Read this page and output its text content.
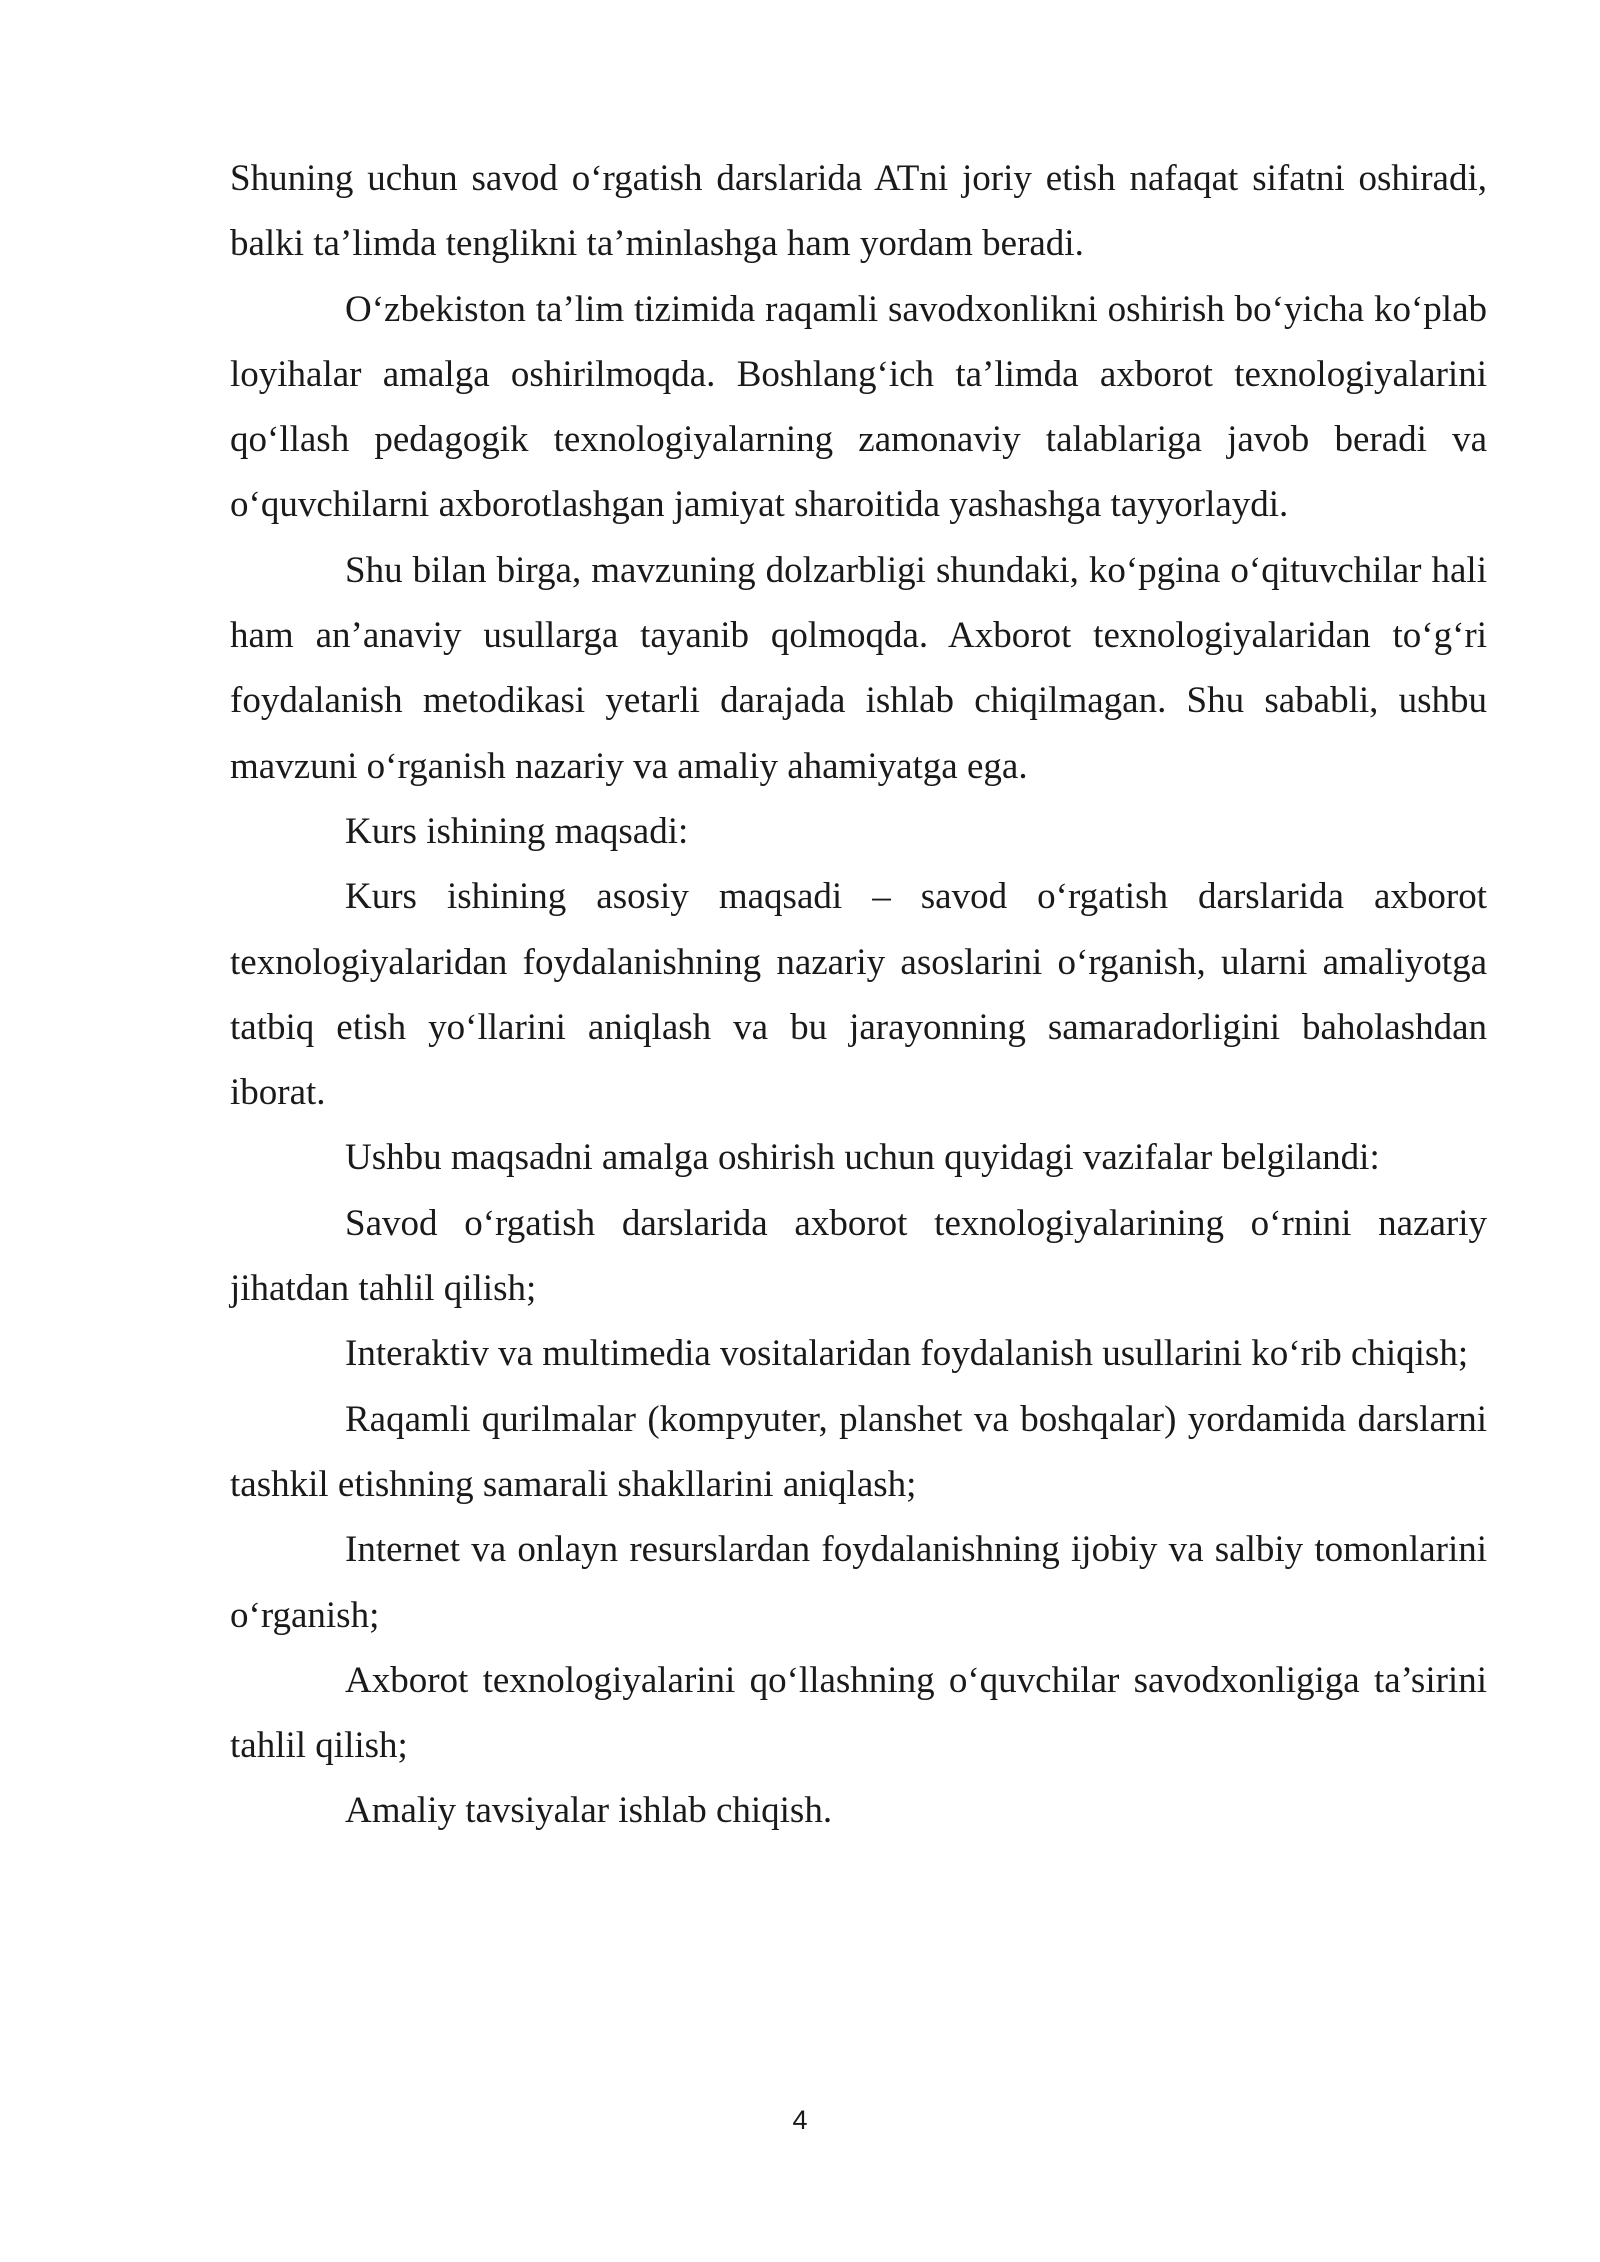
Shuning uchun savod o‘rgatish darslarida ATni joriy etish nafaqat sifatni oshiradi, balki ta’limda tenglikni ta’minlashga ham yordam beradi.

O‘zbekiston ta’lim tizimida raqamli savodxonlikni oshirish bo‘yicha ko‘plab loyihalar amalga oshirilmoqda. Boshlang‘ich ta’limda axborot texnologiyalarini qo‘llash pedagogik texnologiyalarning zamonaviy talablariga javob beradi va o‘quvchilarni axborotlashgan jamiyat sharoitida yashashga tayyorlaydi.

Shu bilan birga, mavzuning dolzarbligi shundaki, ko‘pgina o‘qituvchilar hali ham an’anaviy usullarga tayanib qolmoqda. Axborot texnologiyalaridan to‘g‘ri foydalanish metodikasi yetarli darajada ishlab chiqilmagan. Shu sababli, ushbu mavzuni o‘rganish nazariy va amaliy ahamiyatga ega.

Kurs ishining maqsadi:

Kurs ishining asosiy maqsadi – savod o‘rgatish darslarida axborot texnologiyalaridan foydalanishning nazariy asoslarini o‘rganish, ularni amaliyotga tatbiq etish yo‘llarini aniqlash va bu jarayonning samaradorligini baholashdan iborat.

Ushbu maqsadni amalga oshirish uchun quyidagi vazifalar belgilandi:

Savod o‘rgatish darslarida axborot texnologiyalarining o‘rnini nazariy jihatdan tahlil qilish;

Interaktiv va multimedia vositalaridan foydalanish usullarini ko‘rib chiqish;

Raqamli qurilmalar (kompyuter, planshet va boshqalar) yordamida darslarni tashkil etishning samarali shakllarini aniqlash;

Internet va onlayn resurslardan foydalanishning ijobiy va salbiy tomonlarini o‘rganish;

Axborot texnologiyalarini qo‘llashning o‘quvchilar savodxonligiga ta’sirini tahlil qilish;

Amaliy tavsiyalar ishlab chiqish.

4
